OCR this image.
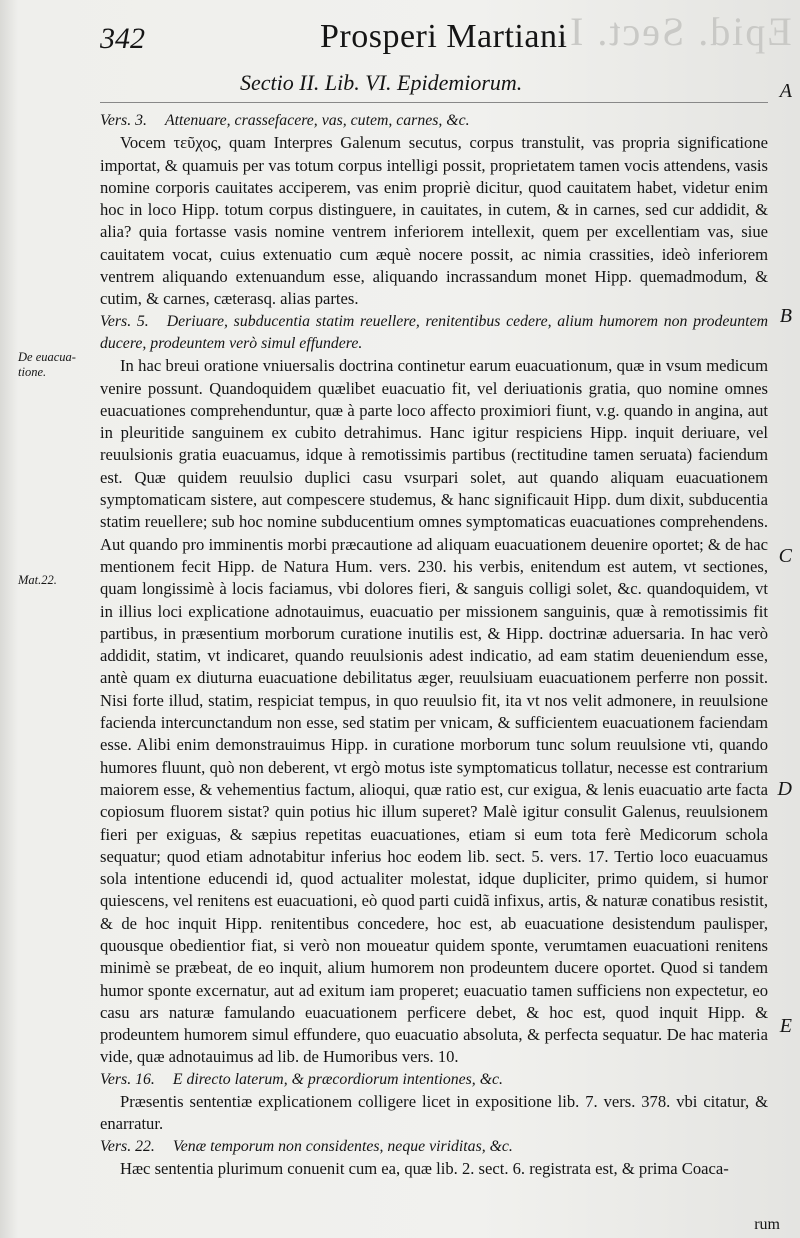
Epid. Sect. I.
342	Prosperi Martiani
Sectio II. Lib. VI. Epidemiorum.	A
B
C
D
E
De euacua-tione.
Mat.22.
Vers. 3. Attenuare, crassefacere, vas, cutem, carnes, &c.
Vocem τεῦχος, quam Interpres Galenum secutus, corpus transtulit, vas propria significatione importat, & quamuis per vas totum corpus intelligi possit, proprietatem tamen vocis attendens, vasis nomine corporis cauitates acciperem, vas enim propriè dicitur, quod cauitatem habet, videtur enim hoc in loco Hipp. totum corpus distinguere, in cauitates, in cutem, & in carnes, sed cur addidit, & alia? quia fortasse vasis nomine ventrem inferiorem intellexit, quem per excellentiam vas, siue cauitatem vocat, cuius extenuatio cum æquè nocere possit, ac nimia crassities, ideò inferiorem ventrem aliquando extenuandum esse, aliquando incrassandum monet Hipp. quemadmodum, & cutim, & carnes, cæterasq. alias partes.
Vers. 5. Deriuare, subducentia statim reuellere, renitentibus cedere, alium humorem non prodeuntem ducere, prodeuntem verò simul effundere.
In hac breui oratione vniuersalis doctrina continetur earum euacuationum, quæ in vsum medicum venire possunt. Quandoquidem quælibet euacuatio fit, vel deriuationis gratia, quo nomine omnes euacuationes comprehenduntur, quæ à parte loco affecto proximiori fiunt, v.g. quando in angina, aut in pleuritide sanguinem ex cubito detrahimus. Hanc igitur respiciens Hipp. inquit deriuare, vel reuulsionis gratia euacuamus, idque à remotissimis partibus (rectitudine tamen seruata) faciendum est. Quæ quidem reuulsio duplici casu vsurpari solet, aut quando aliquam euacuationem symptomaticam sistere, aut compescere studemus, & hanc significauit Hipp. dum dixit, subducentia statim reuellere; sub hoc nomine subducentium omnes symptomaticas euacuationes comprehendens. Aut quando pro imminentis morbi præcautione ad aliquam euacuationem deuenire oportet; & de hac mentionem fecit Hipp. de Natura Hum. vers. 230. his verbis, enitendum est autem, vt sectiones, quam longissimè à locis faciamus, vbi dolores fieri, & sanguis colligi solet, &c. quandoquidem, vt in illius loci explicatione adnotauimus, euacuatio per missionem sanguinis, quæ à remotissimis fit partibus, in præsentium morborum curatione inutilis est, & Hipp. doctrinæ aduersaria. In hac verò addidit, statim, vt indicaret, quando reuulsionis adest indicatio, ad eam statim deueniendum esse, antè quam ex diuturna euacuatione debilitatus æger, reuulsiuam euacuationem perferre non possit. Nisi forte illud, statim, respiciat tempus, in quo reuulsio fit, ita vt nos velit admonere, in reuulsione facienda intercunctandum non esse, sed statim per vnicam, & sufficientem euacuationem faciendam esse. Alibi enim demonstrauimus Hipp. in curatione morborum tunc solum reuulsione vti, quando humores fluunt, quò non deberent, vt ergò motus iste symptomaticus tollatur, necesse est contrarium maiorem esse, & vehementius factum, alioqui, quæ ratio est, cur exigua, & lenis euacuatio arte facta copiosum fluorem sistat? quin potius hic illum superet? Malè igitur consulit Galenus, reuulsionem fieri per exiguas, & sæpius repetitas euacuationes, etiam si eum tota ferè Medicorum schola sequatur; quod etiam adnotabitur inferius hoc eodem lib. sect. 5. vers. 17. Tertio loco euacuamus sola intentione educendi id, quod actualiter molestat, idque dupliciter, primo quidem, si humor quiescens, vel renitens est euacuationi, eò quod parti cuidã infixus, artis, & naturæ conatibus resistit, & de hoc inquit Hipp. renitentibus concedere, hoc est, ab euacuatione desistendum paulisper, quousque obedientior fiat, si verò non moueatur quidem sponte, verumtamen euacuationi renitens minimè se præbeat, de eo inquit, alium humorem non prodeuntem ducere oportet. Quod si tandem humor sponte excernatur, aut ad exitum iam properet; euacuatio tamen sufficiens non expectetur, eo casu ars naturæ famulando euacuationem perficere debet, & hoc est, quod inquit Hipp. & prodeuntem humorem simul effundere, quo euacuatio absoluta, & perfecta sequatur. De hac materia vide, quæ adnotauimus ad lib. de Humoribus vers. 10.
Vers. 16. E directo laterum, & præcordiorum intentiones, &c.
Præsentis sententiæ explicationem colligere licet in expositione lib. 7. vers. 378. vbi citatur, & enarratur.
Vers. 22. Venæ temporum non considentes, neque viriditas, &c.
Hæc sententia plurimum conuenit cum ea, quæ lib. 2. sect. 6. registrata est, & prima Coaca-
rum
